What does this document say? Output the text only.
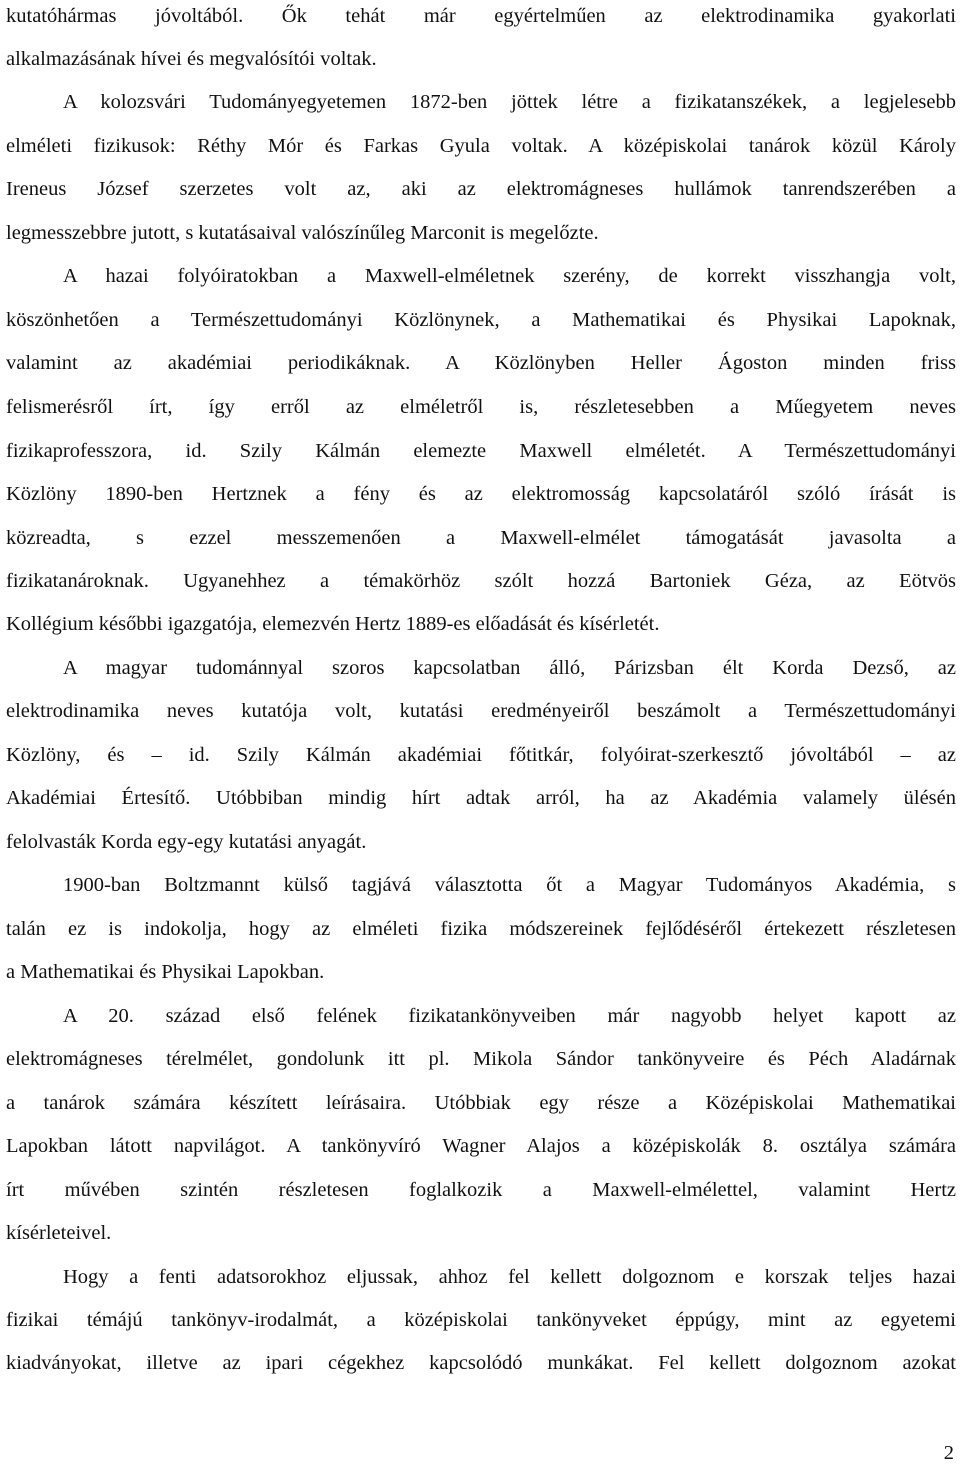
kutatóhármas jóvoltából. Ők tehát már egyértelműen az elektrodinamika gyakorlati
alkalmazásának hívei és megvalósítói voltak.
A kolozsvári Tudományegyetemen 1872-ben jöttek létre a fizikatanszékek, a legjelesebb
elméleti fizikusok: Réthy Mór és Farkas Gyula voltak. A középiskolai tanárok közül Károly
Ireneus József szerzetes volt az, aki az elektromágneses hullámok tanrendszerében a
legmesszebbre jutott, s kutatásaival valószínűleg Marconit is megelőzte.
A hazai folyóiratokban a Maxwell-elméletnek szerény, de korrekt visszhangja volt,
köszönhetően a Természettudományi Közlönynek, a Mathematikai és Physikai Lapoknak,
valamint az akadémiai periodikáknak. A Közlönyben Heller Ágoston minden friss
felismerésről írt, így erről az elméletről is, részletesebben a Műegyetem neves
fizikaprofesszora, id. Szily Kálmán elemezte Maxwell elméletét. A Természettudományi
Közlöny 1890-ben Hertznek a fény és az elektromosság kapcsolatáról szóló írását is
közreadta, s ezzel messzemenően a Maxwell-elmélet támogatását javasolta a
fizikatanároknak. Ugyanehhez a témakörhöz szólt hozzá Bartoniek Géza, az Eötvös
Kollégium későbbi igazgatója, elemezvén Hertz 1889-es előadását és kísérletét.
A magyar tudománnyal szoros kapcsolatban álló, Párizsban élt Korda Dezső, az
elektrodinamika neves kutatója volt, kutatási eredményeiről beszámolt a Természettudományi
Közlöny, és – id. Szily Kálmán akadémiai főtitkár, folyóirat-szerkesztő jóvoltából – az
Akadémiai Értesítő. Utóbbiban mindig hírt adtak arról, ha az Akadémia valamely ülésén
felolvasták Korda egy-egy kutatási anyagát.
1900-ban Boltzmannt külső tagjává választotta őt a Magyar Tudományos Akadémia, s
talán ez is indokolja, hogy az elméleti fizika módszereinek fejlődéséről értekezett részletesen
a Mathematikai és Physikai Lapokban.
A 20. század első felének fizikatankönyveiben már nagyobb helyet kapott az
elektromágneses térelmélet, gondolunk itt pl. Mikola Sándor tankönyveire és Péch Aladárnak
a tanárok számára készített leírásaira. Utóbbiak egy része a Középiskolai Mathematikai
Lapokban látott napvilágot. A tankönyvíró Wagner Alajos a középiskolák 8. osztálya számára
írt művében szintén részletesen foglalkozik a Maxwell-elmélettel, valamint Hertz
kísérleteivel.
Hogy a fenti adatsorokhoz eljussak, ahhoz fel kellett dolgoznom e korszak teljes hazai
fizikai témájú tankönyv-irodalmát, a középiskolai tankönyveket éppúgy, mint az egyetemi
kiadványokat, illetve az ipari cégekhez kapcsolódó munkákat. Fel kellett dolgoznom azokat
2
